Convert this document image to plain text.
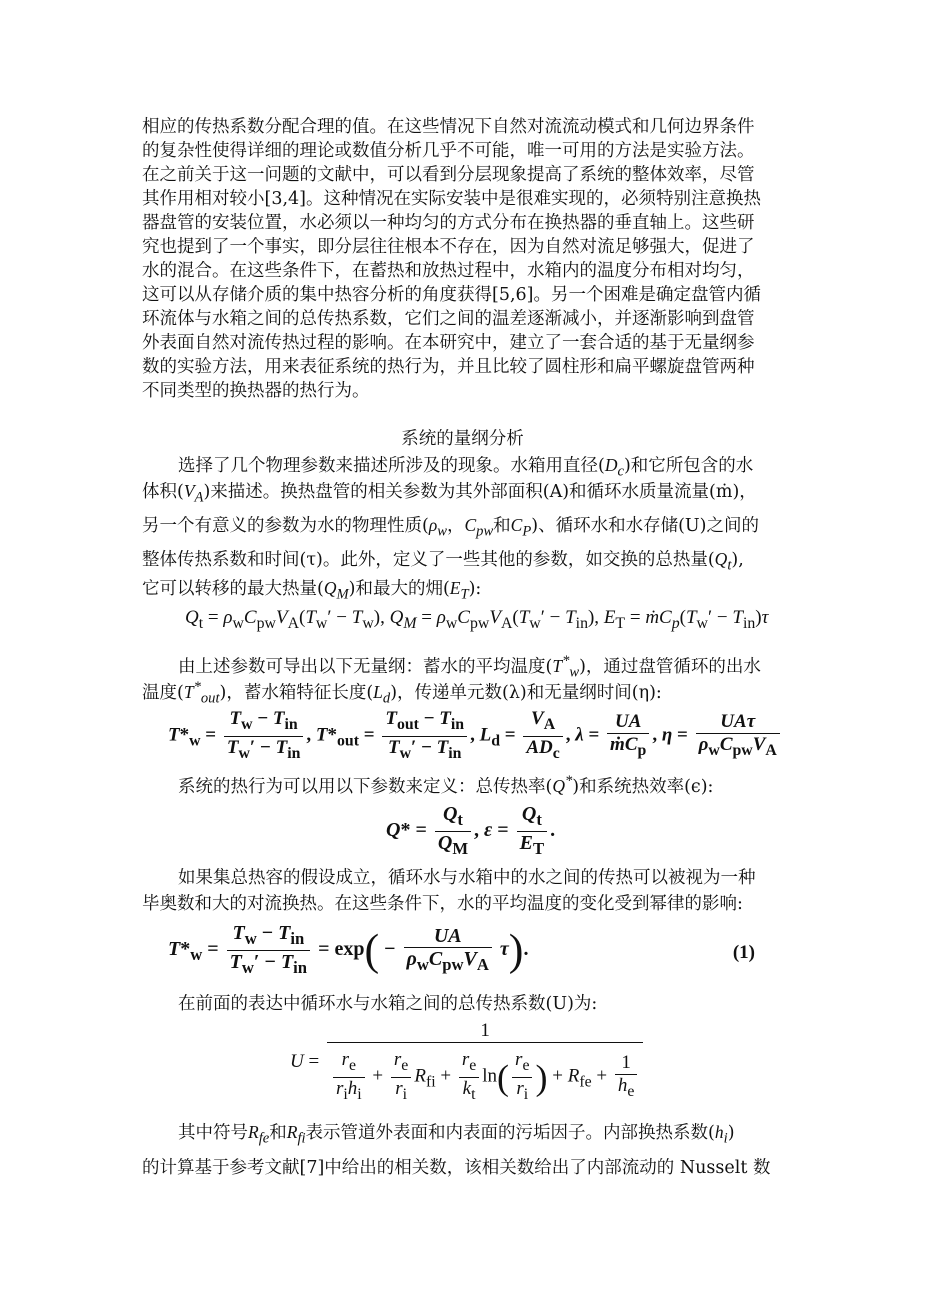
相应的传热系数分配合理的值。在这些情况下自然对流流动模式和几何边界条件
的复杂性使得详细的理论或数值分析几乎不可能，唯一可用的方法是实验方法。
在之前关于这一问题的文献中，可以看到分层现象提高了系统的整体效率，尽管
其作用相对较小[3,4]。这种情况在实际安装中是很难实现的，必须特别注意换热
器盘管的安装位置，水必须以一种均匀的方式分布在换热器的垂直轴上。这些研
究也提到了一个事实，即分层往往根本不存在，因为自然对流足够强大，促进了
水的混合。在这些条件下，在蓄热和放热过程中，水箱内的温度分布相对均匀，
这可以从存储介质的集中热容分析的角度获得[5,6]。另一个困难是确定盘管内循
环流体与水箱之间的总传热系数，它们之间的温差逐渐减小，并逐渐影响到盘管
外表面自然对流传热过程的影响。在本研究中，建立了一套合适的基于无量纲参
数的实验方法，用来表征系统的热行为，并且比较了圆柱形和扁平螺旋盘管两种
不同类型的换热器的热行为。
系统的量纲分析
选择了几个物理参数来描述所涉及的现象。水箱用直径$(D_c)$和它所包含的水
体积$(V_A)$来描述。换热盘管的相关参数为其外部面积(A)和循环水质量流量(ṁ)，
另一个有意义的参数为水的物理性质($\rho_w$，$C_{pw}$和$C_P$)、循环水和水存储(U)之间的
整体传热系数和时间(τ)。此外，定义了一些其他的参数，如交换的总热量$(Q_t)$,
它可以转移的最大热量$(Q_M)$和最大的㶲$(E_T)$:
$Q_t = \rho_wC_{pw}V_A(T_w' - T_w)$, $Q_M = \rho_wC_{pw}V_A(T_w' - T_{in})$, $E_T$ = $ṁC_p(T_w' - T_{in})\tau$
由上述参数可导出以下无量纲：蓄水的平均温度$(T^*_w)$，通过盘管循环的出水
温度$(T^*_{out})$，蓄水箱特征长度$(L_d)$，传递单元数(λ)和无量纲时间(η):
$T*_w = \frac{T_w - T_{in}}{T_w' - T_{in}}$ , $T*_{out} = \frac{T_{out} - T_{in}}{T_w' - T_{in}}$ , $L_d = \frac{V_A}{AD_c}$ , $\lambda = \frac{UA}{ṁC_p}$ , $\eta = \frac{\text{UAτ}}{\rho_wC_{pw}V_A}$
系统的热行为可以用以下参数来定义：总传热率(Q*)和系统热效率(ϵ):
$Q* = \frac{Q_t}{Q_M}$ , $\varepsilon = \frac{Q_t}{E_T}$ .
如果集总热容的假设成立，循环水与水箱中的水之间的传热可以被视为一种
毕奥数和大的对流换热。在这些条件下，水的平均温度的变化受到幂律的影响:
$T*_w = \frac{T_w - T_{in}}{T_w' - T_{in}} = \exp( - \frac{UA}{\rho_wC_{pw}V_A} \tau)$.	(1)
在前面的表达中循环水与水箱之间的总传热系数(U)为:
U =
1
$\frac{r_e}{r_ih_i} + \frac{r_e}{r_i} R_{fi} + \frac{r_e}{k_t} \ln( \frac{r_e}{r_i}$ ) + $R_{fe} + \frac{1}{h_e}$
其中符号$R_{fe}$和$R_{fi}$表示管道外表面和内表面的污垢因子。内部换热系数$(h_i)$
的计算基于参考文献[7]中给出的相关数，该相关数给出了内部流动的 Nusselt 数
